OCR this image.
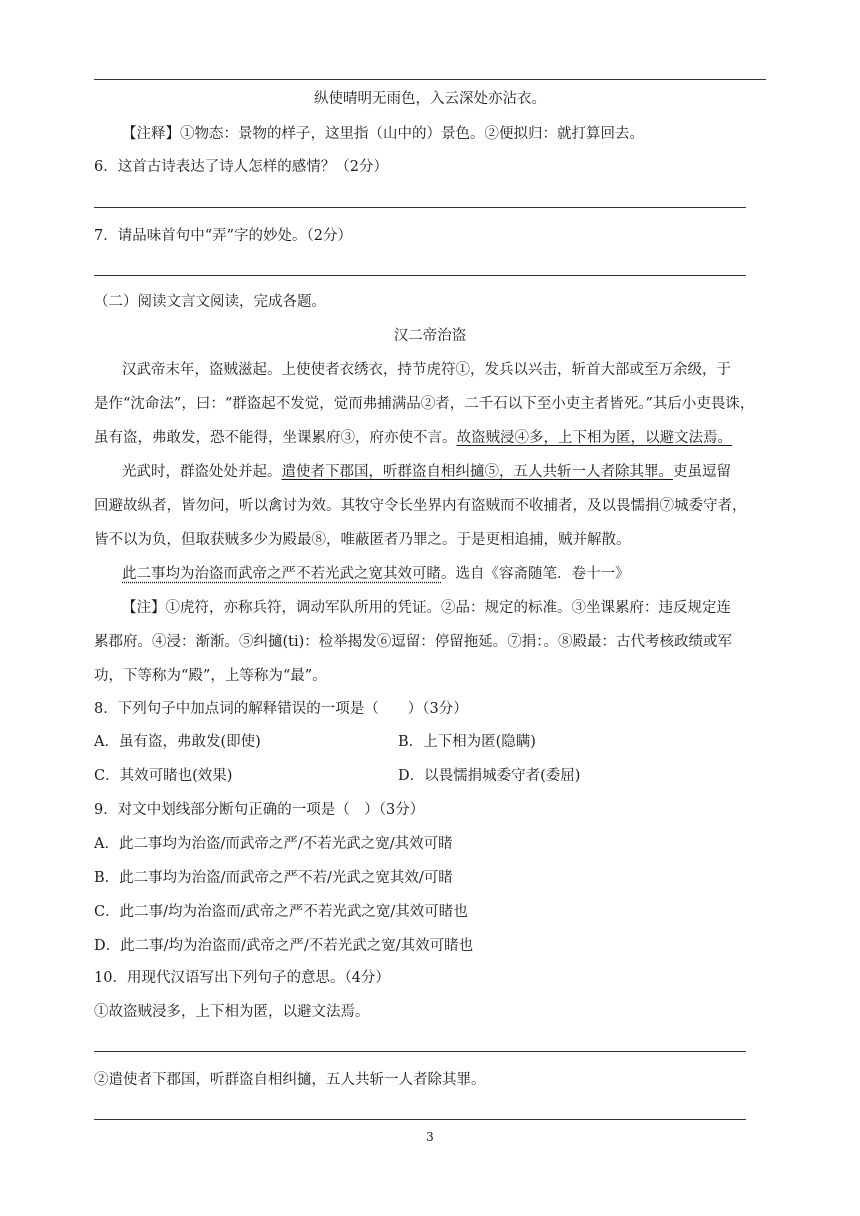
纵使晴明无雨色，入云深处亦沾衣。
【注释】①物态：景物的样子，这里指（山中的）景色。②便拟归：就打算回去。
6．这首古诗表达了诗人怎样的感情？（2分）
7．请品味首句中“弄”字的妙处。（2分）
（二）阅读文言文阅读，完成各题。
汉二帝治盗
汉武帝末年，盗贼滋起。上使使者衣绣衣，持节虎符①，发兵以兴击，斩首大部或至万余级，于
是作“沈命法”，曰：“群盗起不发觉，觉而弗捕满品②者，二千石以下至小吏主者皆死。”其后小吏畏诛，
虽有盗，弗敢发，恐不能得，坐课累府③，府亦使不言。故盗贼浸④多，上下相为匿，以避文法焉。
光武时，群盗处处并起。遣使者下郡国，听群盗自相纠擿⑤，五人共斩一人者除其罪。吏虽逗留
回避故纵者，皆勿问，听以禽讨为效。其牧守令长坐界内有盗贼而不收捕者，及以畏懦捐⑦城委守者，
皆不以为负，但取获贼多少为殿最⑧，唯蔽匿者乃罪之。于是更相追捕，贼并解散。
此二事均为治盗而武帝之严不若光武之宽其效可睹。选自《容斋随笔．卷十一》
【注】①虎符，亦称兵符，调动军队所用的凭证。②品：规定的标准。③坐课累府：违反规定连
累郡府。④浸：渐渐。⑤纠擿(ti)：检举揭发⑥逗留：停留拖延。⑦捐：。⑧殿最：古代考核政绩或军
功，下等称为“殿”，上等称为“最”。
8．下列句子中加点词的解释错误的一项是（　　）（3分）
A．虽有盗，弗敢发(即使)	B．上下相为匿(隐瞒)
C．其效可睹也(效果)	D．以畏懦捐城委守者(委屈)
9．对文中划线部分断句正确的一项是（　）（3分）
A．此二事均为治盗/而武帝之严/不若光武之宽/其效可睹
B．此二事均为治盗/而武帝之严不若/光武之宽其效/可睹
C．此二事/均为治盗而/武帝之严不若光武之宽/其效可睹也
D．此二事/均为治盗而/武帝之严/不若光武之宽/其效可睹也
10．用现代汉语写出下列句子的意思。（4分）
①故盗贼浸多，上下相为匿，以避文法焉。
②遣使者下郡国，听群盗自相纠擿，五人共斩一人者除其罪。
3
